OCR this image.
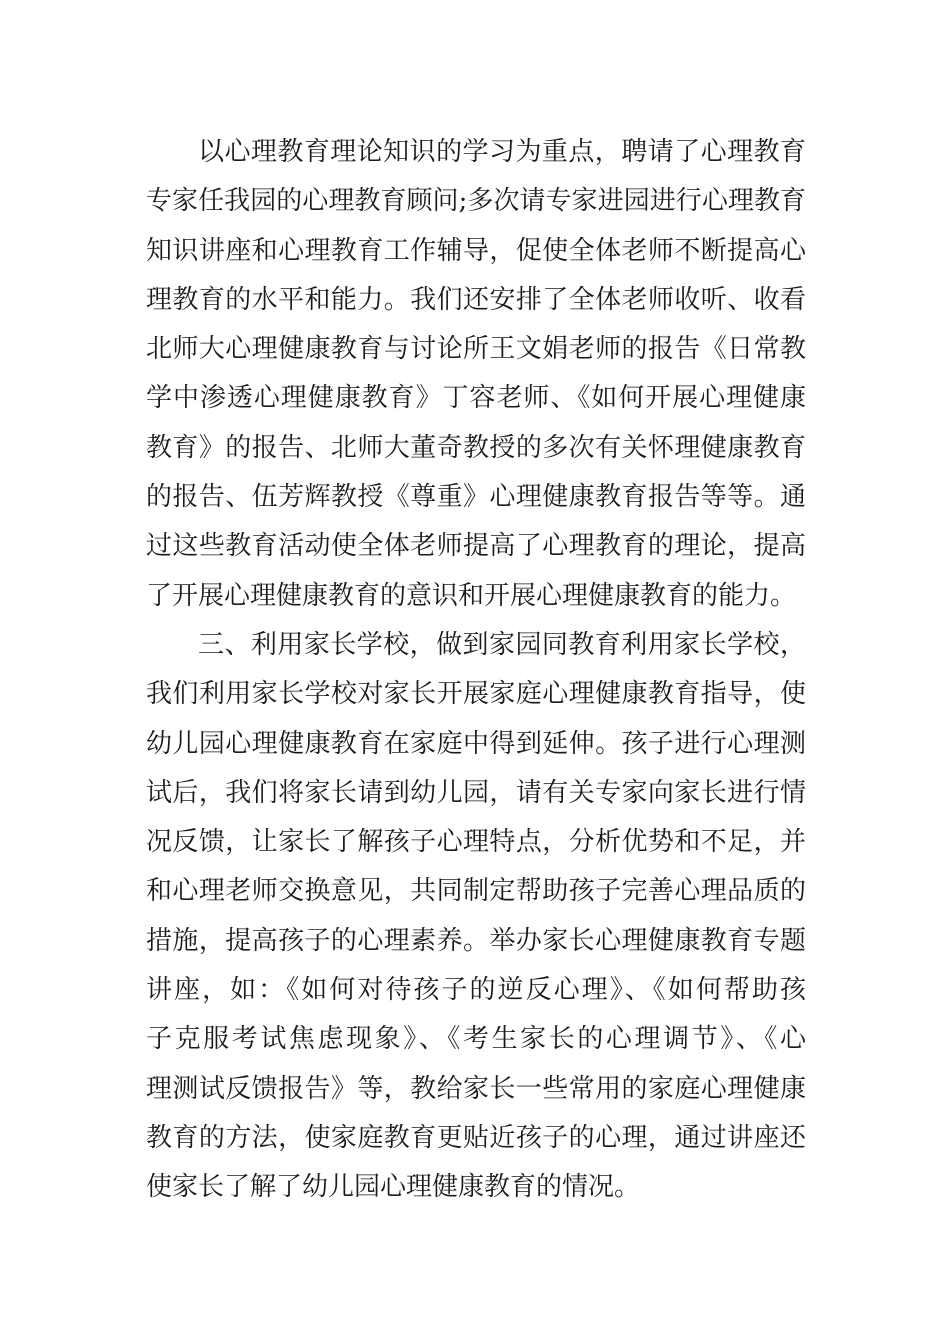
以心理教育理论知识的学习为重点，聘请了心理教育
专家任我园的心理教育顾问;多次请专家进园进行心理教育
知识讲座和心理教育工作辅导，促使全体老师不断提高心
理教育的水平和能力。我们还安排了全体老师收听、收看
北师大心理健康教育与讨论所王文娟老师的报告《日常教
学中渗透心理健康教育》丁容老师、《如何开展心理健康
教育》的报告、北师大董奇教授的多次有关怀理健康教育
的报告、伍芳辉教授《尊重》心理健康教育报告等等。通
过这些教育活动使全体老师提高了心理教育的理论，提高
了开展心理健康教育的意识和开展心理健康教育的能力。
三、利用家长学校，做到家园同教育利用家长学校，
我们利用家长学校对家长开展家庭心理健康教育指导，使
幼儿园心理健康教育在家庭中得到延伸。孩子进行心理测
试后，我们将家长请到幼儿园，请有关专家向家长进行情
况反馈，让家长了解孩子心理特点，分析优势和不足，并
和心理老师交换意见，共同制定帮助孩子完善心理品质的
措施，提高孩子的心理素养。举办家长心理健康教育专题
讲座，如：《如何对待孩子的逆反心理》、《如何帮助孩
子克服考试焦虑现象》、《考生家长的心理调节》、《心
理测试反馈报告》等，教给家长一些常用的家庭心理健康
教育的方法，使家庭教育更贴近孩子的心理，通过讲座还
使家长了解了幼儿园心理健康教育的情况。
